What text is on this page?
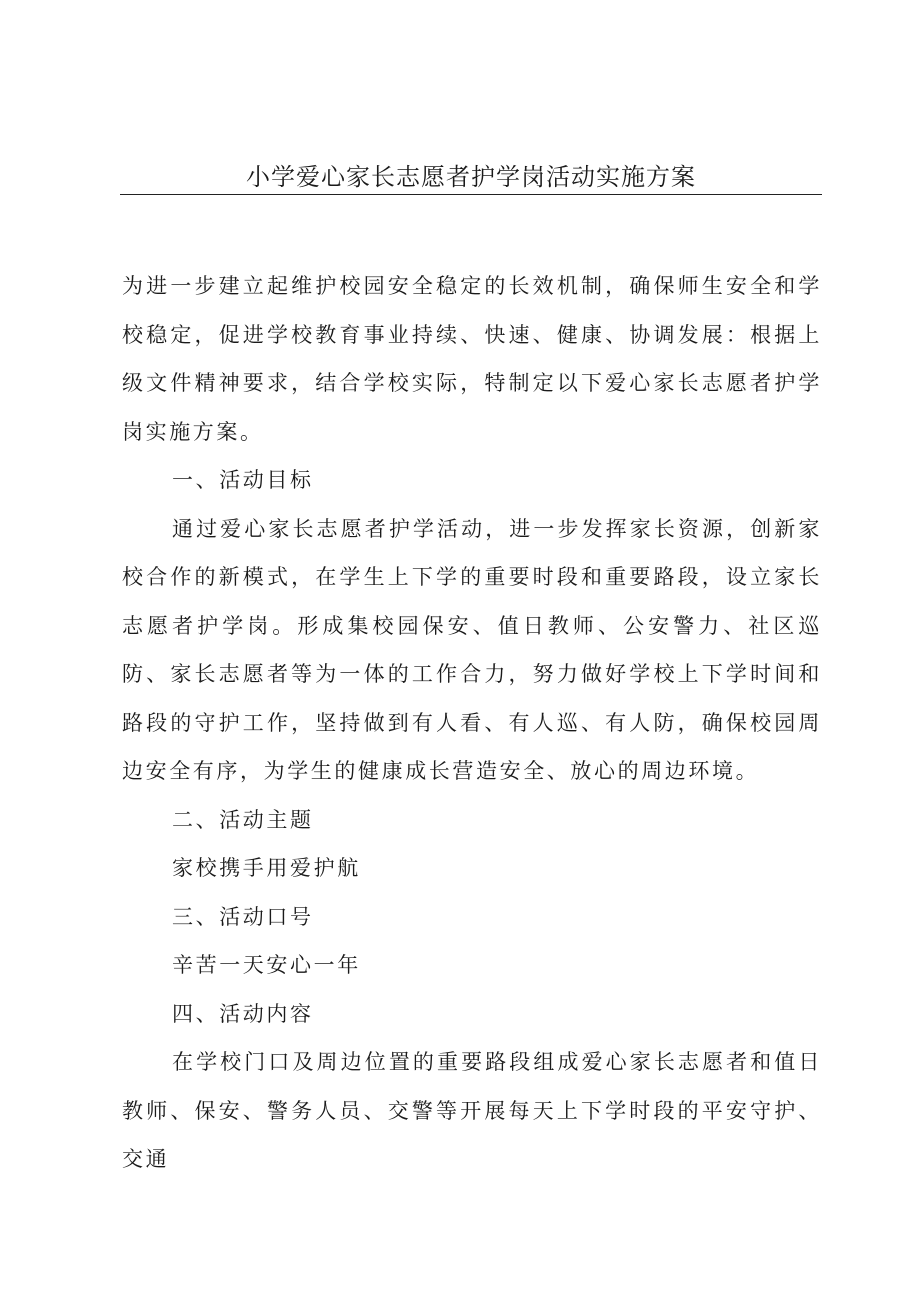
小学爱心家长志愿者护学岗活动实施方案

为进一步建立起维护校园安全稳定的长效机制，确保师生安全和学校稳定，促进学校教育事业持续、快速、健康、协调发展：根据上级文件精神要求，结合学校实际，特制定以下爱心家长志愿者护学岗实施方案。

一、活动目标

通过爱心家长志愿者护学活动，进一步发挥家长资源，创新家校合作的新模式，在学生上下学的重要时段和重要路段，设立家长志愿者护学岗。形成集校园保安、值日教师、公安警力、社区巡防、家长志愿者等为一体的工作合力，努力做好学校上下学时间和路段的守护工作，坚持做到有人看、有人巡、有人防，确保校园周边安全有序，为学生的健康成长营造安全、放心的周边环境。

二、活动主题

家校携手用爱护航

三、活动口号

辛苦一天安心一年

四、活动内容

在学校门口及周边位置的重要路段组成爱心家长志愿者和值日教师、保安、警务人员、交警等开展每天上下学时段的平安守护、交通
